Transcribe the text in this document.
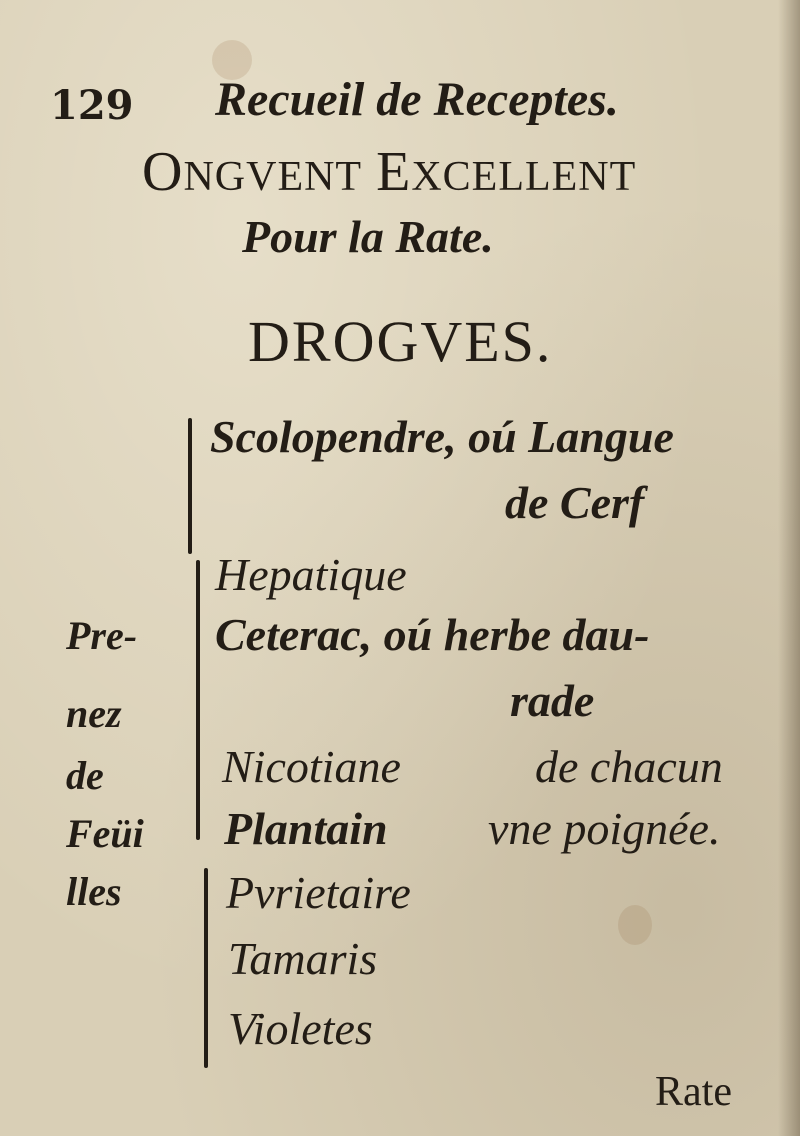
129 Recueil de Receptes.
ONGVENT EXCELLENT
Pour la Rate.
DROGVES.
Pre-
nez
de
Feüi
lles
Scolopendre, oú Langue
de Cerf
Hepatique
Ceterac, oú herbe dau-
rade
Nicotiane
Plantain
Pvrietaire
Tamaris
Violetes
de chacun
vne poignée.
Rate
